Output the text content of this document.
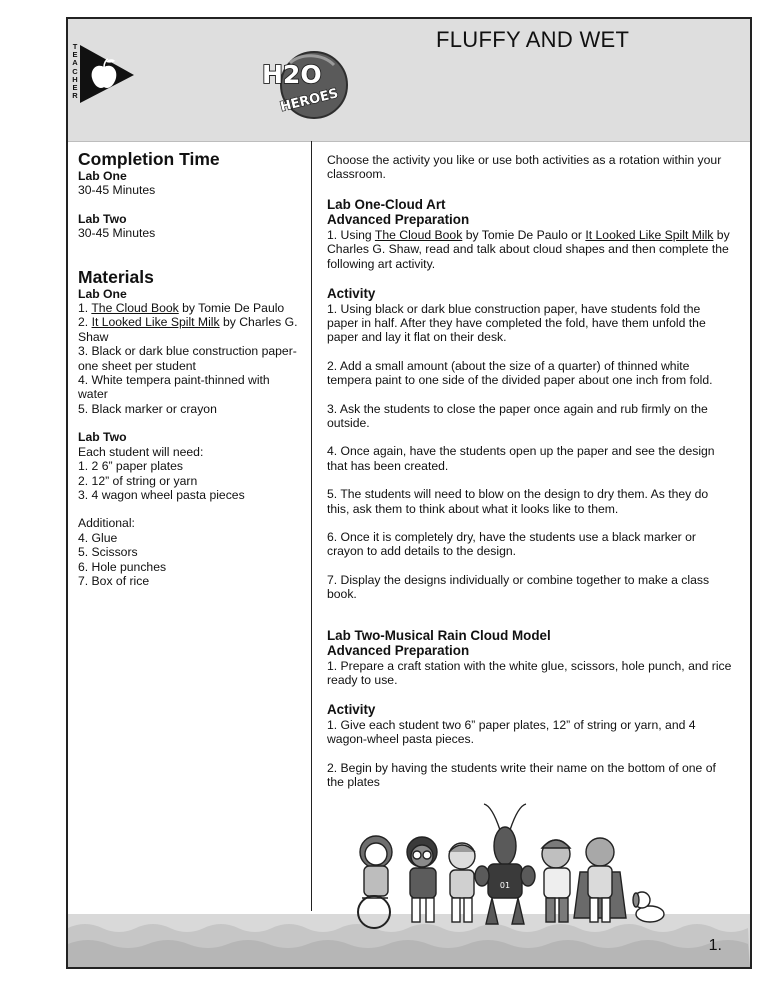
T
E
A
C
H
E
R
H2O
HEROES
FLUFFY AND WET
Completion Time

Lab One

30-45 Minutes

Lab Two

30-45 Minutes

Materials

Lab One

1. The Cloud Book by Tomie De Paulo

2. It Looked Like Spilt Milk by Charles G. Shaw

3. Black or dark blue construction paper-one sheet per student

4. White tempera paint-thinned with water

5. Black marker or crayon

Lab Two

Each student will need:

1. 2 6” paper plates

2. 12” of string or yarn

3. 4 wagon wheel pasta pieces

Additional:

4. Glue

5. Scissors

6. Hole punches

7. Box of rice

Choose the activity you like or use both activities as a rotation within your classroom.

Lab One-Cloud Art

Advanced Preparation

1. Using The Cloud Book by Tomie De Paulo or It Looked Like Spilt Milk by Charles G. Shaw, read and talk about cloud shapes and then complete the following art activity.

Activity

1. Using black or dark blue construction paper, have students fold the paper in half. After they have completed the fold, have them unfold the paper and lay it flat on their desk.

2. Add a small amount (about the size of a quarter) of thinned white tempera paint to one side of the divided paper about one inch from fold.

3. Ask the students to close the paper once again and rub firmly on the outside.

4. Once again, have the students open up the paper and see the design that has been created.

5. The students will need to blow on the design to dry them. As they do this, ask them to think about what it looks like to them.

6. Once it is completely dry, have the students use a black marker or crayon to add details to the design.

7. Display the designs individually or combine together to make a class book.

Lab Two-Musical Rain Cloud Model

Advanced Preparation

1. Prepare a craft station with the white glue, scissors, hole punch, and rice ready to use.

Activity

1. Give each student two 6” paper plates, 12” of string or yarn, and 4 wagon-wheel pasta pieces.

2. Begin by having the students write their name on the bottom of one of the plates

01
1.
